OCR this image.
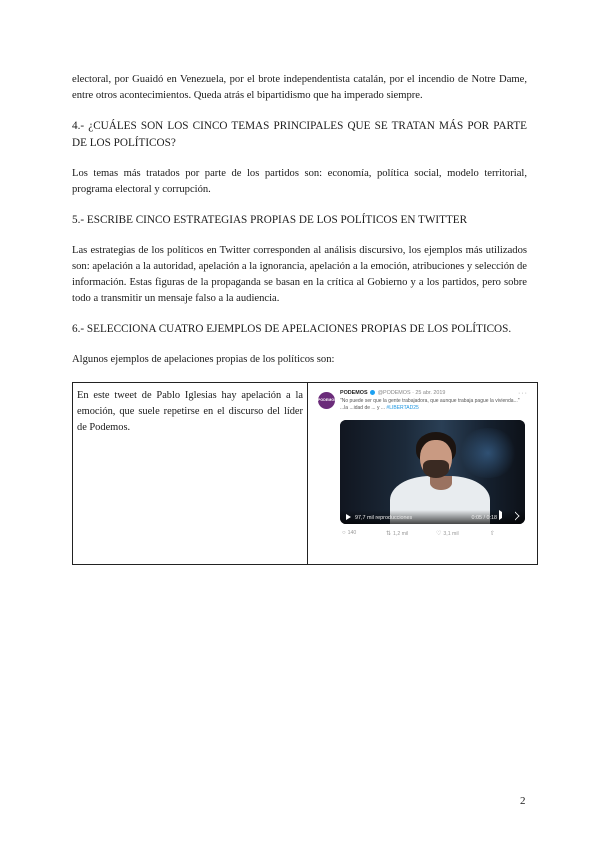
electoral, por Guaidó en Venezuela, por el brote independentista catalán, por el incendio de Notre Dame, entre otros acontecimientos. Queda atrás el bipartidismo que ha imperado siempre.

4.- ¿CUÁLES SON LOS CINCO TEMAS PRINCIPALES QUE SE TRATAN MÁS POR PARTE DE LOS POLÍTICOS?

Los temas más tratados por parte de los partidos son: economía, política social, modelo territorial, programa electoral y corrupción.

5.- ESCRIBE CINCO ESTRATEGIAS PROPIAS DE LOS POLÍTICOS EN TWITTER

Las estrategias de los políticos en Twitter corresponden al análisis discursivo, los ejemplos más utilizados son: apelación a la autoridad, apelación a la ignorancia, apelación a la emoción, atribuciones y selección de información. Estas figuras de la propaganda se basan en la crítica al Gobierno y a los partidos, pero sobre todo a transmitir un mensaje falso a la audiencia.

6.- SELECCIONA CUATRO EJEMPLOS DE APELACIONES PROPIAS DE LOS POLÍTICOS.

Algunos ejemplos de apelaciones propias de los políticos son:

En este tweet de Pablo Iglesias hay apelación a la emoción, que suele repetirse en el discurso del líder de Podemos.

PODEMOS
PODEMOS @PODEMOS · 25 abr. 2019
"No puede ser que la gente trabajadora, que aunque trabaja pague la vivienda..." ...la ...idad de ... y ... #LIBERTAD25
···
97,7 mil reproducciones	0:05 / 0:18
○ 140	⇅ 1,2 mil	♡ 3,1 mil	⇧
2
